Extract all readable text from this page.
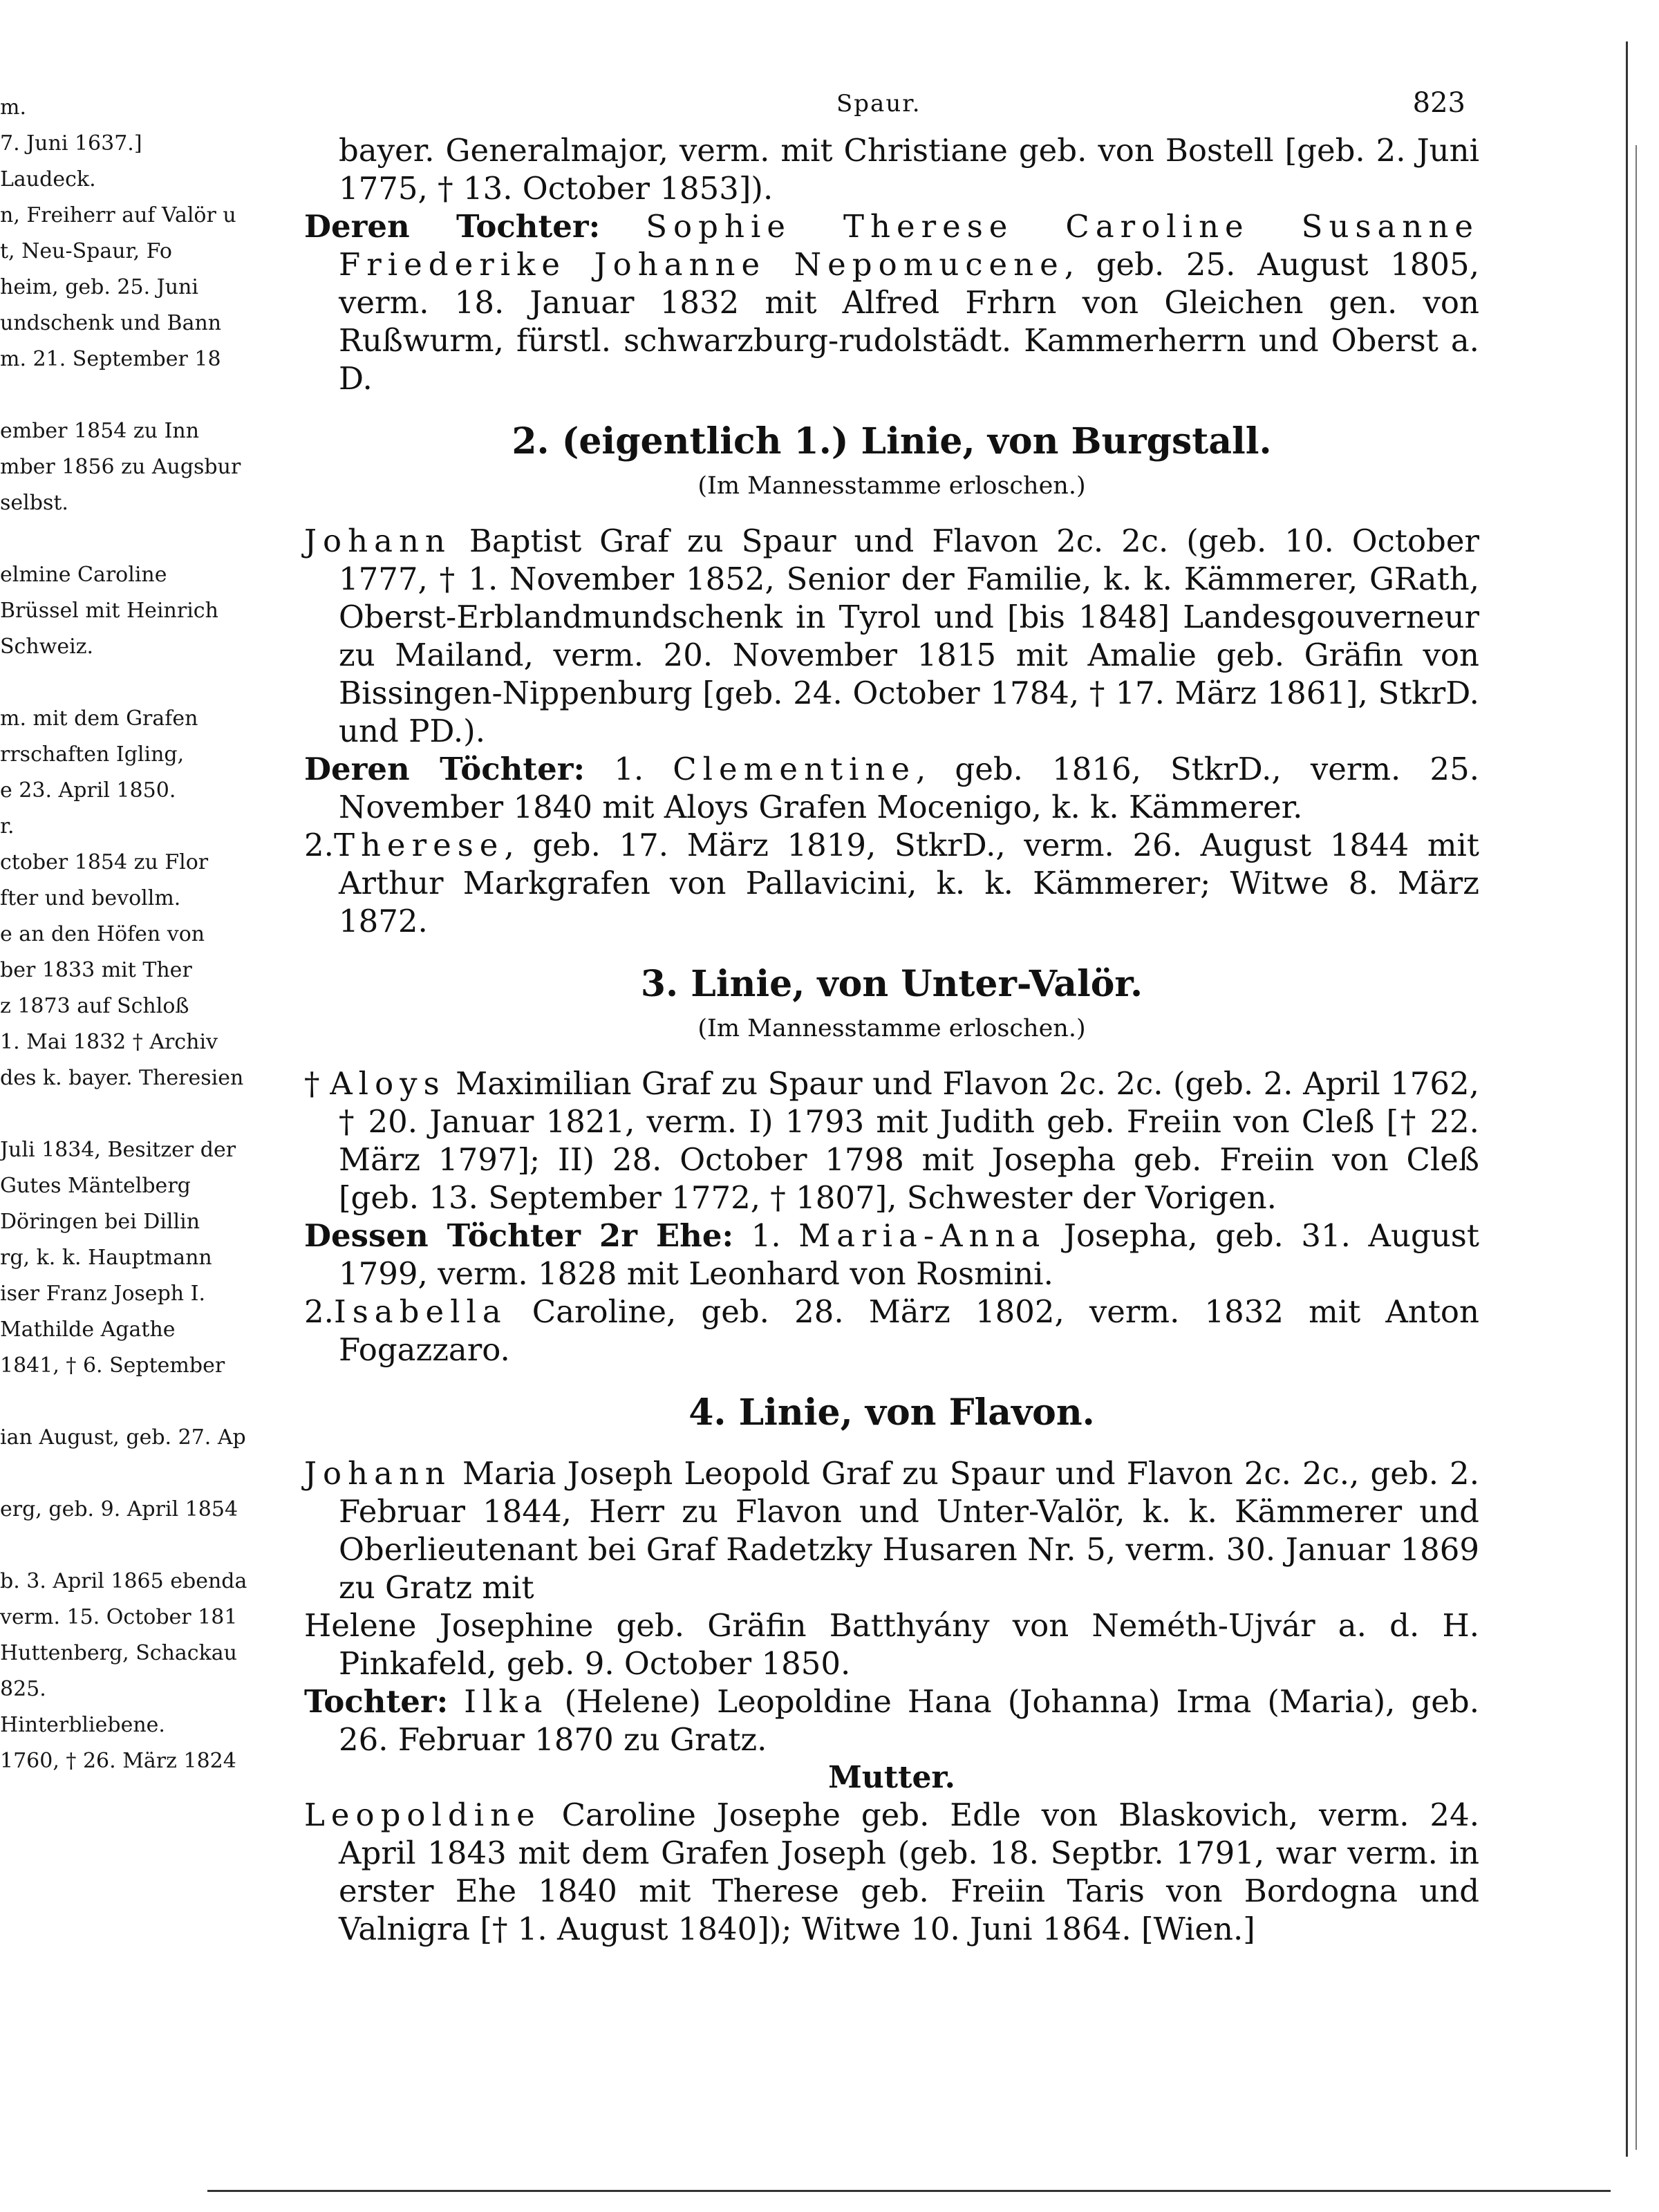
m.
7. Juni 1637.]
Laudeck.
n, Freiherr auf Valör u
t, Neu-Spaur, Fo
heim, geb. 25. Juni
undschenk und Bann
m. 21. September 18

ember 1854 zu Inn
mber 1856 zu Augsbur
selbst.

elmine Caroline
Brüssel mit Heinrich
Schweiz.

m. mit dem Grafen
rrschaften Igling,
e 23. April 1850.
r.
ctober 1854 zu Flor
fter und bevollm.
e an den Höfen von
ber 1833 mit Ther
z 1873 auf Schloß
1. Mai 1832 † Archiv
des k. bayer. Theresien

Juli 1834, Besitzer der
Gutes Mäntelberg
Döringen bei Dillin
rg, k. k. Hauptmann
iser Franz Joseph I.
Mathilde Agathe
1841, † 6. September

ian August, geb. 27. Ap

erg, geb. 9. April 1854

b. 3. April 1865 ebenda
verm. 15. October 181
Huttenberg, Schackau
825.
Hinterbliebene.
1760, † 26. März 1824
Spaur.	823

bayer. Generalmajor, verm. mit Christiane geb. von Bostell [geb. 2. Juni 1775, † 13. October 1853]).

Deren Tochter: Sophie Therese Caroline Susanne Friederike Johanne Nepomucene, geb. 25. August 1805, verm. 18. Januar 1832 mit Alfred Frhrn von Gleichen gen. von Rußwurm, fürstl. schwarzburg-rudolstädt. Kammerherrn und Oberst a. D.

2. (eigentlich 1.) Linie, von Burgstall.
(Im Mannesstamme erloschen.)

Johann Baptist Graf zu Spaur und Flavon 2c. 2c. (geb. 10. October 1777, † 1. November 1852, Senior der Familie, k. k. Kämmerer, GRath, Oberst-Erblandmundschenk in Tyrol und [bis 1848] Landesgouverneur zu Mailand, verm. 20. November 1815 mit Amalie geb. Gräfin von Bissingen-Nippenburg [geb. 24. October 1784, † 17. März 1861], StkrD. und PD.).

Deren Töchter: 1. Clementine, geb. 1816, StkrD., verm. 25. November 1840 mit Aloys Grafen Mocenigo, k. k. Kämmerer.

2.Therese, geb. 17. März 1819, StkrD., verm. 26. August 1844 mit Arthur Markgrafen von Pallavicini, k. k. Kämmerer; Witwe 8. März 1872.

3. Linie, von Unter-Valör.
(Im Mannesstamme erloschen.)

† Aloys Maximilian Graf zu Spaur und Flavon 2c. 2c. (geb. 2. April 1762, † 20. Januar 1821, verm. I) 1793 mit Judith geb. Freiin von Cleß [† 22. März 1797]; II) 28. October 1798 mit Josepha geb. Freiin von Cleß [geb. 13. September 1772, † 1807], Schwester der Vorigen.

Dessen Töchter 2r Ehe: 1. Maria-Anna Josepha, geb. 31. August 1799, verm. 1828 mit Leonhard von Rosmini.

2.Isabella Caroline, geb. 28. März 1802, verm. 1832 mit Anton Fogazzaro.

4. Linie, von Flavon.

Johann Maria Joseph Leopold Graf zu Spaur und Flavon 2c. 2c., geb. 2. Februar 1844, Herr zu Flavon und Unter-Valör, k. k. Kämmerer und Oberlieutenant bei Graf Radetzky Husaren Nr. 5, verm. 30. Januar 1869 zu Gratz mit

Helene Josephine geb. Gräfin Batthyány von Neméth-Ujvár a. d. H. Pinkafeld, geb. 9. October 1850.

Tochter: Ilka (Helene) Leopoldine Hana (Johanna) Irma (Maria), geb. 26. Februar 1870 zu Gratz.

Mutter.

Leopoldine Caroline Josephe geb. Edle von Blaskovich, verm. 24. April 1843 mit dem Grafen Joseph (geb. 18. Septbr. 1791, war verm. in erster Ehe 1840 mit Therese geb. Freiin Taris von Bordogna und Valnigra [† 1. August 1840]); Witwe 10. Juni 1864. [Wien.]
